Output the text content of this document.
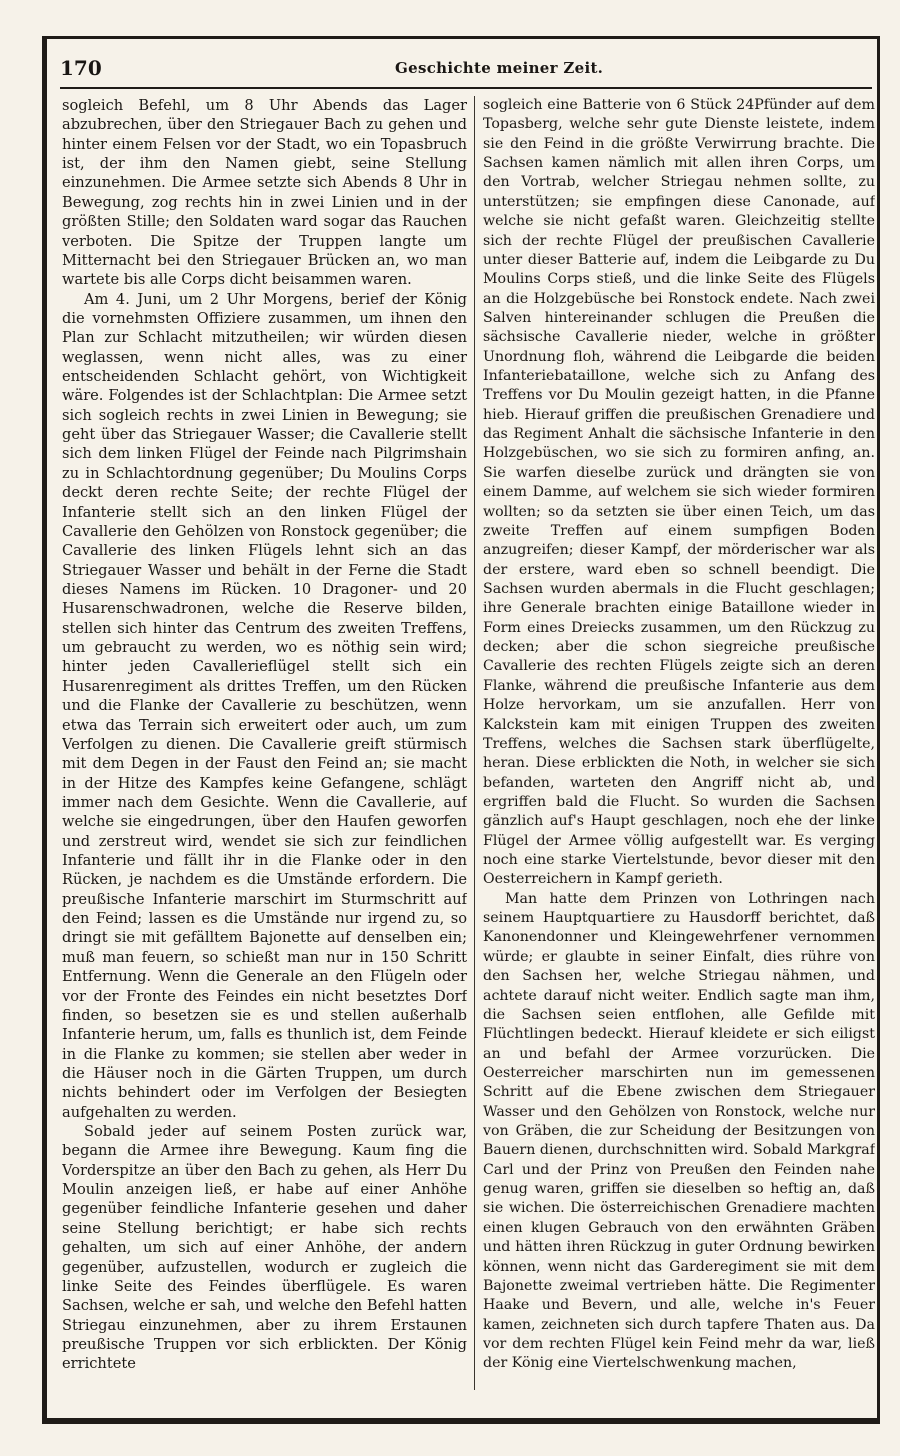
170	Geschichte meiner Zeit.

sogleich Befehl, um 8 Uhr Abends das Lager abzubrechen, über den Striegauer Bach zu gehen und hinter einem Felsen vor der Stadt, wo ein Topasbruch ist, der ihm den Namen giebt, seine Stellung einzunehmen. Die Armee setzte sich Abends 8 Uhr in Bewegung, zog rechts hin in zwei Linien und in der größten Stille; den Soldaten ward sogar das Rauchen verboten. Die Spitze der Truppen langte um Mitternacht bei den Striegauer Brücken an, wo man wartete bis alle Corps dicht beisammen waren.

Am 4. Juni, um 2 Uhr Morgens, berief der König die vornehmsten Offiziere zusammen, um ihnen den Plan zur Schlacht mitzutheilen; wir würden diesen weglassen, wenn nicht alles, was zu einer entscheidenden Schlacht gehört, von Wichtigkeit wäre. Folgendes ist der Schlachtplan: Die Armee setzt sich sogleich rechts in zwei Linien in Bewegung; sie geht über das Striegauer Wasser; die Cavallerie stellt sich dem linken Flügel der Feinde nach Pilgrimshain zu in Schlachtordnung gegenüber; Du Moulins Corps deckt deren rechte Seite; der rechte Flügel der Infanterie stellt sich an den linken Flügel der Cavallerie den Gehölzen von Ronstock gegenüber; die Cavallerie des linken Flügels lehnt sich an das Striegauer Wasser und behält in der Ferne die Stadt dieses Namens im Rücken. 10 Dragoner- und 20 Husarenschwadronen, welche die Reserve bilden, stellen sich hinter das Centrum des zweiten Treffens, um gebraucht zu werden, wo es nöthig sein wird; hinter jeden Cavallerieflügel stellt sich ein Husarenregiment als drittes Treffen, um den Rücken und die Flanke der Cavallerie zu beschützen, wenn etwa das Terrain sich erweitert oder auch, um zum Verfolgen zu dienen. Die Cavallerie greift stürmisch mit dem Degen in der Faust den Feind an; sie macht in der Hitze des Kampfes keine Gefangene, schlägt immer nach dem Gesichte. Wenn die Cavallerie, auf welche sie eingedrungen, über den Haufen geworfen und zerstreut wird, wendet sie sich zur feindlichen Infanterie und fällt ihr in die Flanke oder in den Rücken, je nachdem es die Umstände erfordern. Die preußische Infanterie marschirt im Sturmschritt auf den Feind; lassen es die Umstände nur irgend zu, so dringt sie mit gefälltem Bajonette auf denselben ein; muß man feuern, so schießt man nur in 150 Schritt Entfernung. Wenn die Generale an den Flügeln oder vor der Fronte des Feindes ein nicht besetztes Dorf finden, so besetzen sie es und stellen außerhalb Infanterie herum, um, falls es thunlich ist, dem Feinde in die Flanke zu kommen; sie stellen aber weder in die Häuser noch in die Gärten Truppen, um durch nichts behindert oder im Verfolgen der Besiegten aufgehalten zu werden.

Sobald jeder auf seinem Posten zurück war, begann die Armee ihre Bewegung. Kaum fing die Vorderspitze an über den Bach zu gehen, als Herr Du Moulin anzeigen ließ, er habe auf einer Anhöhe gegenüber feindliche Infanterie gesehen und daher seine Stellung berichtigt; er habe sich rechts gehalten, um sich auf einer Anhöhe, der andern gegenüber, aufzustellen, wodurch er zugleich die linke Seite des Feindes überflügele. Es waren Sachsen, welche er sah, und welche den Befehl hatten Striegau einzunehmen, aber zu ihrem Erstaunen preußische Truppen vor sich erblickten. Der König errichtete

sogleich eine Batterie von 6 Stück 24Pfünder auf dem Topasberg, welche sehr gute Dienste leistete, indem sie den Feind in die größte Verwirrung brachte. Die Sachsen kamen nämlich mit allen ihren Corps, um den Vortrab, welcher Striegau nehmen sollte, zu unterstützen; sie empfingen diese Canonade, auf welche sie nicht gefaßt waren. Gleichzeitig stellte sich der rechte Flügel der preußischen Cavallerie unter dieser Batterie auf, indem die Leibgarde zu Du Moulins Corps stieß, und die linke Seite des Flügels an die Holzgebüsche bei Ronstock endete. Nach zwei Salven hintereinander schlugen die Preußen die sächsische Cavallerie nieder, welche in größter Unordnung floh, während die Leibgarde die beiden Infanteriebataillone, welche sich zu Anfang des Treffens vor Du Moulin gezeigt hatten, in die Pfanne hieb. Hierauf griffen die preußischen Grenadiere und das Regiment Anhalt die sächsische Infanterie in den Holzgebüschen, wo sie sich zu formiren anfing, an. Sie warfen dieselbe zurück und drängten sie von einem Damme, auf welchem sie sich wieder formiren wollten; so da setzten sie über einen Teich, um das zweite Treffen auf einem sumpfigen Boden anzugreifen; dieser Kampf, der mörderischer war als der erstere, ward eben so schnell beendigt. Die Sachsen wurden abermals in die Flucht geschlagen; ihre Generale brachten einige Bataillone wieder in Form eines Dreiecks zusammen, um den Rückzug zu decken; aber die schon siegreiche preußische Cavallerie des rechten Flügels zeigte sich an deren Flanke, während die preußische Infanterie aus dem Holze hervorkam, um sie anzufallen. Herr von Kalckstein kam mit einigen Truppen des zweiten Treffens, welches die Sachsen stark überflügelte, heran. Diese erblickten die Noth, in welcher sie sich befanden, warteten den Angriff nicht ab, und ergriffen bald die Flucht. So wurden die Sachsen gänzlich auf's Haupt geschlagen, noch ehe der linke Flügel der Armee völlig aufgestellt war. Es verging noch eine starke Viertelstunde, bevor dieser mit den Oesterreichern in Kampf gerieth.

Man hatte dem Prinzen von Lothringen nach seinem Hauptquartiere zu Hausdorff berichtet, daß Kanonendonner und Kleingewehrfener vernommen würde; er glaubte in seiner Einfalt, dies rühre von den Sachsen her, welche Striegau nähmen, und achtete darauf nicht weiter. Endlich sagte man ihm, die Sachsen seien entflohen, alle Gefilde mit Flüchtlingen bedeckt. Hierauf kleidete er sich eiligst an und befahl der Armee vorzurücken. Die Oesterreicher marschirten nun im gemessenen Schritt auf die Ebene zwischen dem Striegauer Wasser und den Gehölzen von Ronstock, welche nur von Gräben, die zur Scheidung der Besitzungen von Bauern dienen, durchschnitten wird. Sobald Markgraf Carl und der Prinz von Preußen den Feinden nahe genug waren, griffen sie dieselben so heftig an, daß sie wichen. Die österreichischen Grenadiere machten einen klugen Gebrauch von den erwähnten Gräben und hätten ihren Rückzug in guter Ordnung bewirken können, wenn nicht das Garderegiment sie mit dem Bajonette zweimal vertrieben hätte. Die Regimenter Haake und Bevern, und alle, welche in's Feuer kamen, zeichneten sich durch tapfere Thaten aus. Da vor dem rechten Flügel kein Feind mehr da war, ließ der König eine Viertelschwenkung machen,
